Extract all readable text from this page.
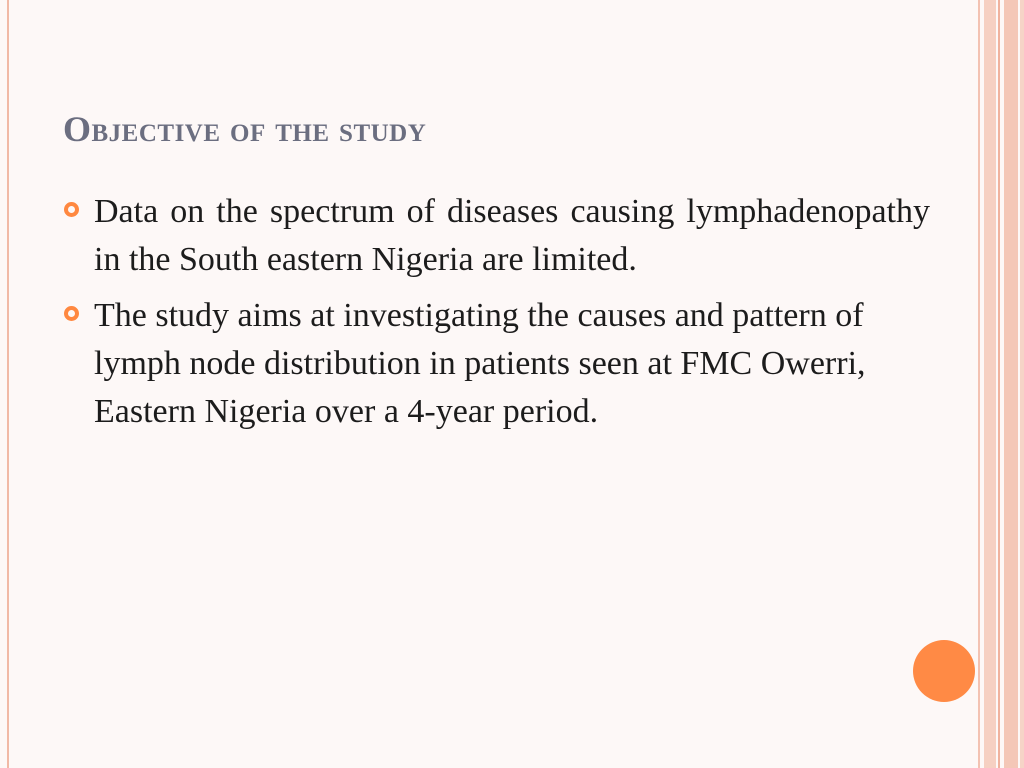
Objective of the study
Data on the spectrum of diseases causing lymphadenopathy in the South eastern Nigeria are limited.
The study aims at investigating the causes and pattern of lymph node distribution in patients seen at FMC Owerri, Eastern Nigeria over a 4-year period.
